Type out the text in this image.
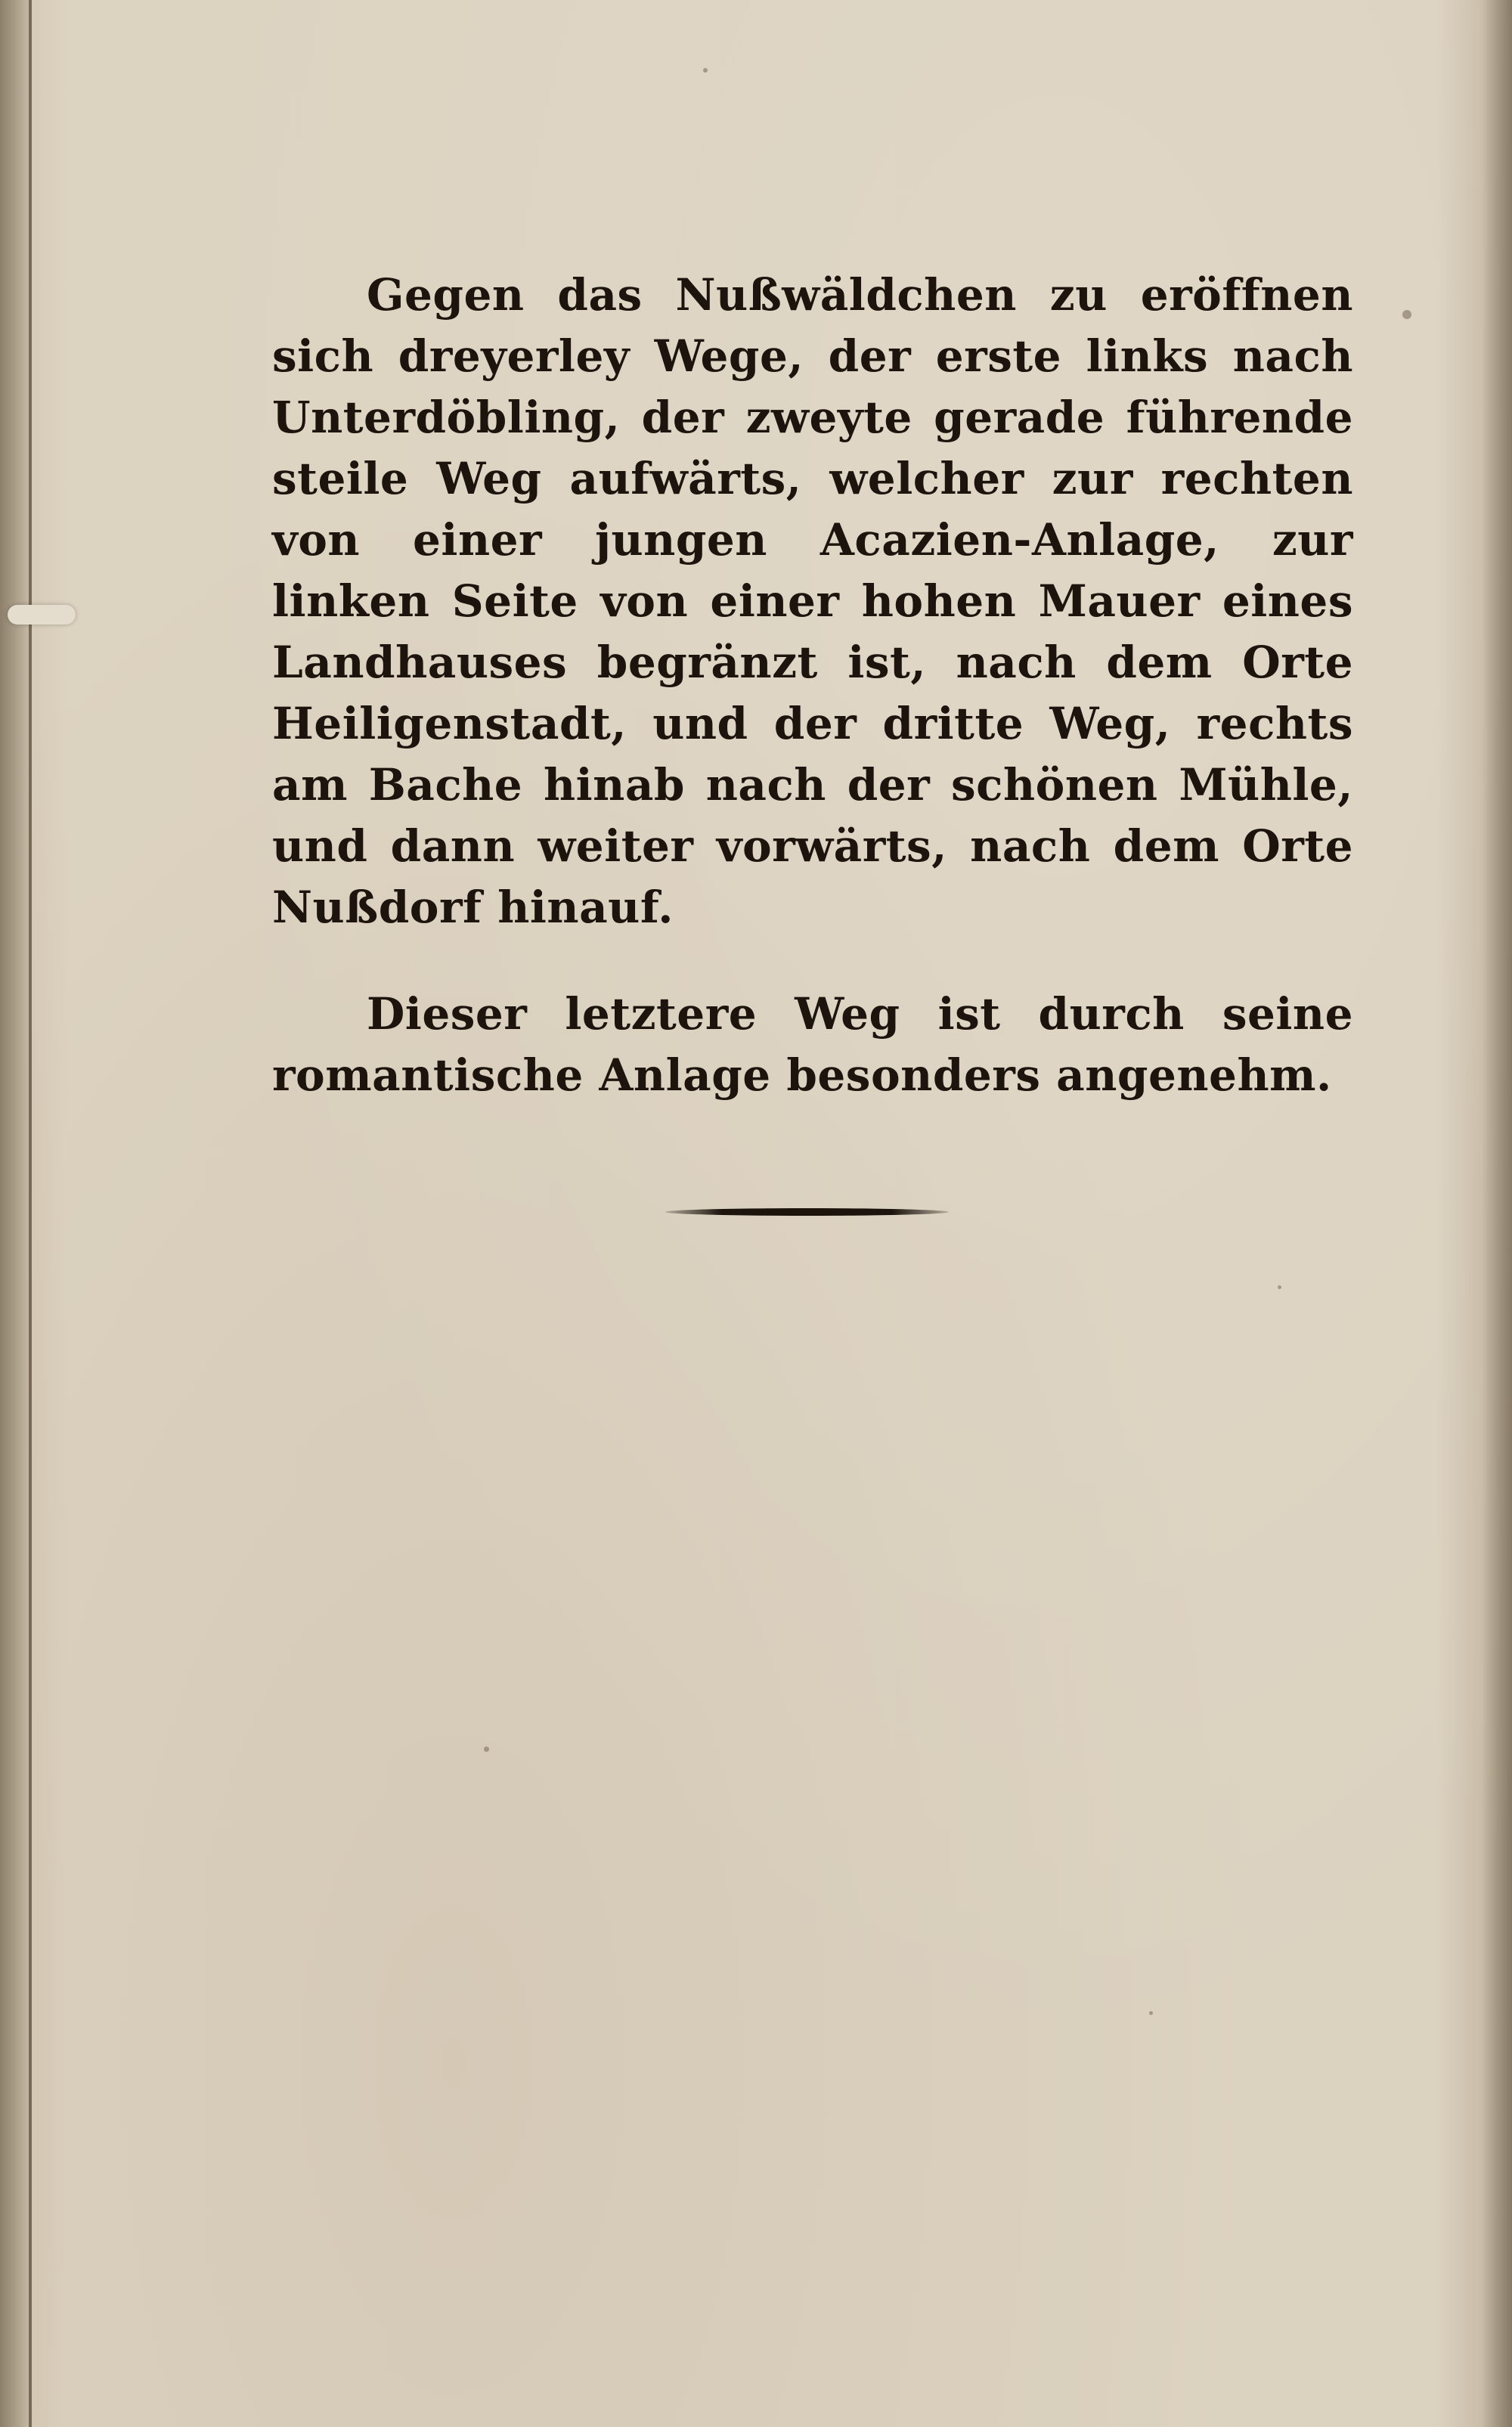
Gegen das Nußwäldchen zu eröffnen sich dreyerley Wege, der erste links nach Unterdöbling, der zweyte gerade führende steile Weg aufwärts, welcher zur rechten von einer jungen Acazien-Anlage, zur linken Seite von einer hohen Mauer eines Landhauses begränzt ist, nach dem Orte Heiligenstadt, und der dritte Weg, rechts am Bache hinab nach der schönen Mühle, und dann weiter vorwärts, nach dem Orte Nußdorf hinauf.

Dieser letztere Weg ist durch seine romantische Anlage besonders angenehm.
